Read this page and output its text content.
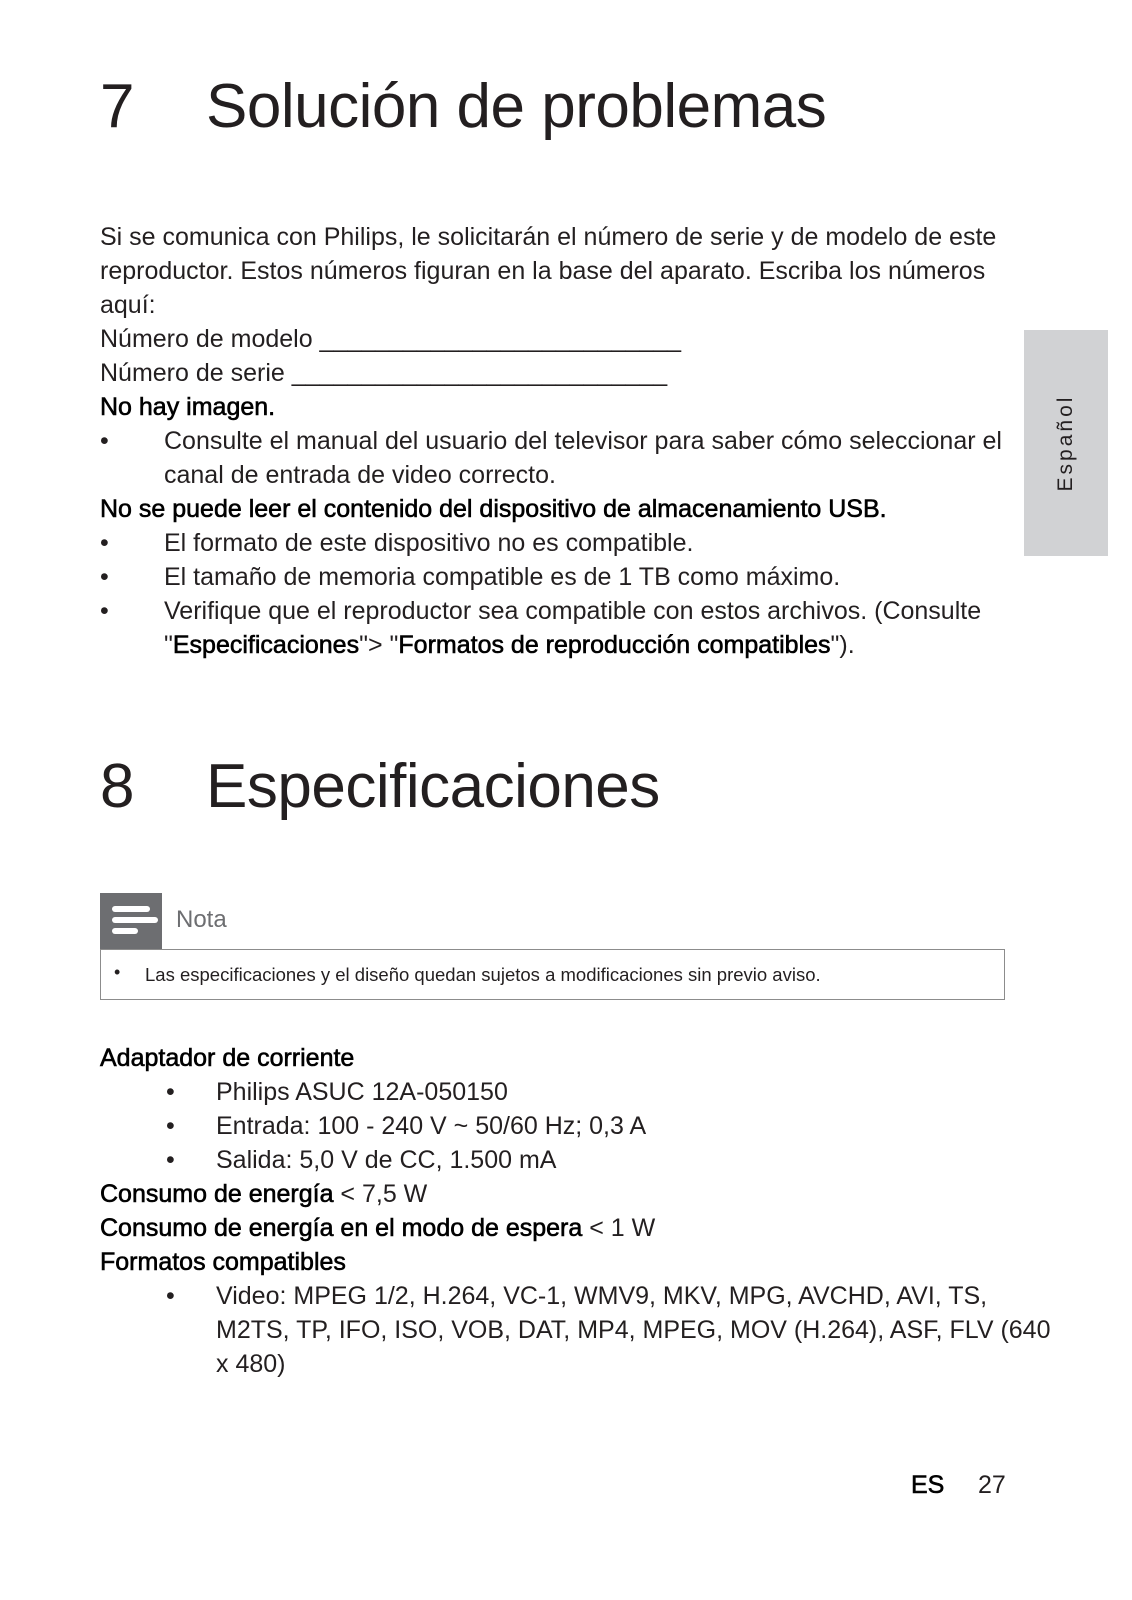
7 Solución de problemas
Si se comunica con Philips, le solicitarán el número de serie y de modelo de este
reproductor. Estos números figuran en la base del aparato. Escriba los números
aquí:
Número de modelo __________________________
Número de serie ___________________________
No hay imagen.
• Consulte el manual del usuario del televisor para saber cómo seleccionar el
canal de entrada de video correcto.
No se puede leer el contenido del dispositivo de almacenamiento USB.
• El formato de este dispositivo no es compatible.
• El tamaño de memoria compatible es de 1 TB como máximo.
• Verifique que el reproductor sea compatible con estos archivos. (Consulte
"Especificaciones"> "Formatos de reproducción compatibles").
8 Especificaciones
Nota
• Las especificaciones y el diseño quedan sujetos a modificaciones sin previo aviso.
Adaptador de corriente
• Philips ASUC 12A-050150
• Entrada: 100 - 240 V ~ 50/60 Hz; 0,3 A
• Salida: 5,0 V de CC, 1.500 mA
Consumo de energía < 7,5 W
Consumo de energía en el modo de espera < 1 W
Formatos compatibles
• Video: MPEG 1/2, H.264, VC-1, WMV9, MKV, MPG, AVCHD, AVI, TS,
M2TS, TP, IFO, ISO, VOB, DAT, MP4, MPEG, MOV (H.264), ASF, FLV (640
x 480)
Español
ES 27
